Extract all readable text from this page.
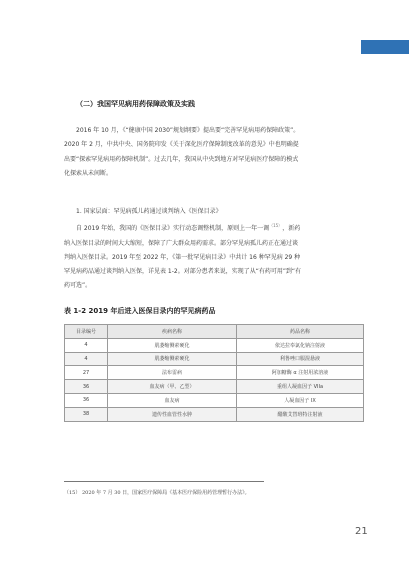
（二）我国罕见病用药保障政策及实践

2016 年 10 月，《“健康中国 2030”规划纲要》提出要“完善罕见病用药保障政策”。

2020 年 2 月，中共中央、国务院印发《关于深化医疗保障制度改革的意见》中也明确提

出要“探索罕见病用药保障机制”。过去几年，我国从中央到地方对罕见病医疗保障的模式

化探索从未间断。

1. 国家层面：罕见病孤儿药通过谈判纳入《医保目录》

自 2019 年始，我国的《医保目录》实行动态调整机制，原则上一年一调$^{(15)}$，新药

纳入医保目录的时间大大缩短，保障了广大群众用药需求。部分罕见病孤儿药正在通过谈

判纳入医保目录。2019 年至 2022 年，《第一批罕见病目录》中共计 16 种罕见病 29 种

罕见病药品通过谈判纳入医保，详见表 1-2。对部分患者来说，实现了从“有药可用”到“有

药可选”。

表 1-2 2019 年后进入医保目录内的罕见病药品
目录编号	疾病名称	药品名称
4	肌萎缩侧索硬化	依达拉奉氯化钠注射液
4	肌萎缩侧索硬化	利鲁唑口服混悬液
27	法布雷病	阿加糖酶 α 注射用浓溶液
36	血友病（甲、乙型）	重组人凝血因子 VIIa
36	血友病	人凝血因子 IX
38	遗传性血管性水肿	醋酸艾替班特注射液
（15） 2020 年 7 月 30 日，国家医疗保障局《基本医疗保险用药管理暂行办法》。
21
